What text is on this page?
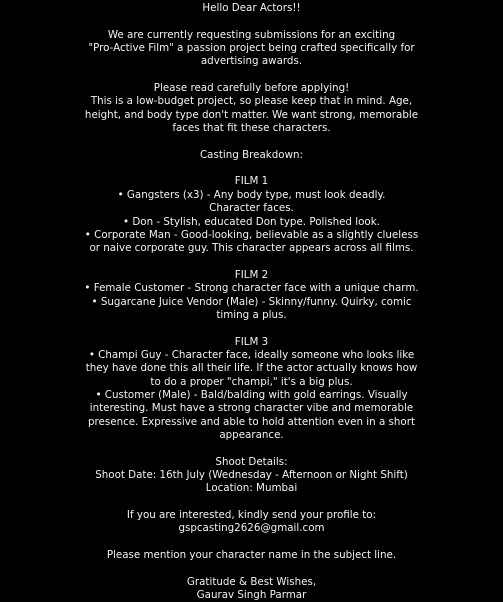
Hello Dear Actors!!
We are currently requesting submissions for an exciting
"Pro-Active Film" a passion project being crafted specifically for
advertising awards.
Please read carefully before applying!
This is a low-budget project, so please keep that in mind. Age,
height, and body type don't matter. We want strong, memorable
faces that fit these characters.
Casting Breakdown:
FILM 1
• Gangsters (x3) - Any body type, must look deadly.
Character faces.
• Don - Stylish, educated Don type. Polished look.
• Corporate Man - Good-looking, believable as a slightly clueless
or naive corporate guy. This character appears across all films.
FILM 2
• Female Customer - Strong character face with a unique charm.
• Sugarcane Juice Vendor (Male) - Skinny/funny. Quirky, comic
timing a plus.
FILM 3
• Champi Guy - Character face, ideally someone who looks like
they have done this all their life. If the actor actually knows how
to do a proper "champi," it's a big plus.
• Customer (Male) - Bald/balding with gold earrings. Visually
interesting. Must have a strong character vibe and memorable
presence. Expressive and able to hold attention even in a short
appearance.
Shoot Details:
Shoot Date: 16th July (Wednesday - Afternoon or Night Shift)
Location: Mumbai
If you are interested, kindly send your profile to:
gspcasting2626@gmail.com
Please mention your character name in the subject line.
Gratitude & Best Wishes,
Gaurav Singh Parmar
